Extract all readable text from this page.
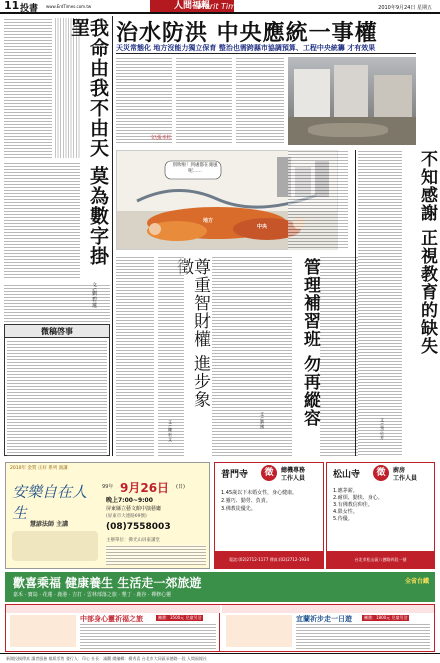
11 投書 www.ErdTimes.com.tw	人間福報
Merit Times	2010年9月24日 星期五
我命由我不由天 莫為數字掛罣
文\劉碧蓮
治水防洪 中央應統一事權
天災常態化 地方沒能力獨立保育 整治也需跨縣市協調預算、工程中央統籌 才有效果
文\張本松
別吹啦！到處都在淹風呢……
地方
中央
尊重智財權 進步象
文\陳宏文
管理補習班 勿再縱容
文\劉國
不知感謝 正視教育的缺失
文\張正芳
微稿啓事
2010年 金質 正好 系列 演講
安樂自在人生
慧諺法師 主講
99年 9月26日 (日)
晚上7:00~9:00
屏東縣立藝文館中演藝廳
(屏東市大連路69號)
(08)7558003
主辦單位：佛光山屏東講堂
普門寺	徵	總機專務
工作人員
1.45歲以下未婚女性，身心健康。
2.靈巧、勤勞、負責。
3.佛教徒優先。
電話:(02)2712-1177 傳真:(02)2712-1934
松山寺	徵	廚房
工作人員
1.應茅薪。
2.耐煩、勤快、身心。
3.有佛教信仰佳。
4.限女性。
5.待優。
台北市松山區八德路四段一號
歡喜乘福 健康養生 生活走一郊旅遊
嘉禾 · 寶島 · 花蓮 · 鹿港 · 吉打 · 雲林部落之旅 · 墾丁 · 鹿谷 · 禪修心靈
全省台鐵
中部身心靈祈福之旅	團費：3500元 兒童另洽	宜蘭祈步走一日遊	團費：1800元 兒童另洽
新聞投稿傳真 讀者服務 報紙零售 發行人：印心 社長：滿觀 總編輯：楊秀喜 台北市大同區承德路一段 人間福報社
